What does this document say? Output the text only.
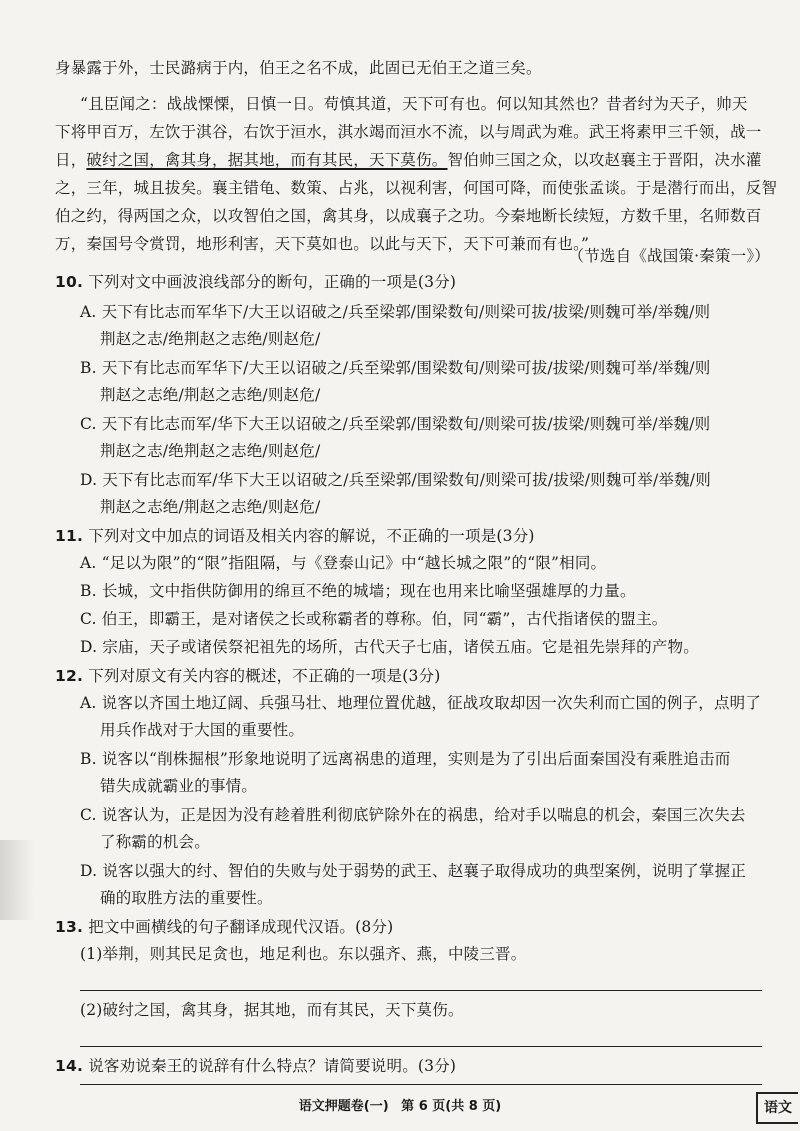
身暴露于外，士民潞病于内，伯王之名不成，此固已无伯王之道三矣。
“且臣闻之：战战慄慄，日慎一日。苟慎其道，天下可有也。何以知其然也？昔者纣为天子，帅天
下将甲百万，左饮于淇谷，右饮于洹水，淇水竭而洹水不流，以与周武为难。武王将素甲三千领，战一
日，破纣之国，禽其身，据其地，而有其民，天下莫伤。智伯帅三国之众，以攻赵襄主于晋阳，决水灌
之，三年，城且拔矣。襄主错龟、数策、占兆，以视利害，何国可降，而使张孟谈。于是潜行而出，反智
伯之约，得两国之众，以攻智伯之国，禽其身，以成襄子之功。今秦地断长续短，方数千里，名师数百
万，秦国号令赏罚，地形利害，天下莫如也。以此与天下，天下可兼而有也。”
（节选自《战国策·秦策一》）
10. 下列对文中画波浪线部分的断句，正确的一项是(3分)
A. 天下有比志而军华下/大王以诏破之/兵至梁郭/围梁数旬/则梁可拔/拔梁/则魏可举/举魏/则
荆赵之志/绝荆赵之志绝/则赵危/
B. 天下有比志而军华下/大王以诏破之/兵至梁郭/围梁数旬/则梁可拔/拔梁/则魏可举/举魏/则
荆赵之志绝/荆赵之志绝/则赵危/
C. 天下有比志而军/华下大王以诏破之/兵至梁郭/围梁数旬/则梁可拔/拔梁/则魏可举/举魏/则
荆赵之志/绝荆赵之志绝/则赵危/
D. 天下有比志而军/华下大王以诏破之/兵至梁郭/围梁数旬/则梁可拔/拔梁/则魏可举/举魏/则
荆赵之志绝/荆赵之志绝/则赵危/
11. 下列对文中加点的词语及相关内容的解说，不正确的一项是(3分)
A. “足以为限”的“限”指阻隔，与《登泰山记》中“越长城之限”的“限”相同。
B. 长城，文中指供防御用的绵亘不绝的城墙；现在也用来比喻坚强雄厚的力量。
C. 伯王，即霸王，是对诸侯之长或称霸者的尊称。伯，同“霸”，古代指诸侯的盟主。
D. 宗庙，天子或诸侯祭祀祖先的场所，古代天子七庙，诸侯五庙。它是祖先崇拜的产物。
12. 下列对原文有关内容的概述，不正确的一项是(3分)
A. 说客以齐国土地辽阔、兵强马壮、地理位置优越，征战攻取却因一次失利而亡国的例子，点明了
用兵作战对于大国的重要性。
B. 说客以“削株掘根”形象地说明了远离祸患的道理，实则是为了引出后面秦国没有乘胜追击而
错失成就霸业的事情。
C. 说客认为，正是因为没有趁着胜利彻底铲除外在的祸患，给对手以喘息的机会，秦国三次失去
了称霸的机会。
D. 说客以强大的纣、智伯的失败与处于弱势的武王、赵襄子取得成功的典型案例，说明了掌握正
确的取胜方法的重要性。
13. 把文中画横线的句子翻译成现代汉语。(8分)
(1)举荆，则其民足贪也，地足利也。东以强齐、燕，中陵三晋。
(2)破纣之国，禽其身，据其地，而有其民，天下莫伤。
14. 说客劝说秦王的说辞有什么特点？请简要说明。(3分)
语文押题卷(一) 第 6 页(共 8 页)	语文
